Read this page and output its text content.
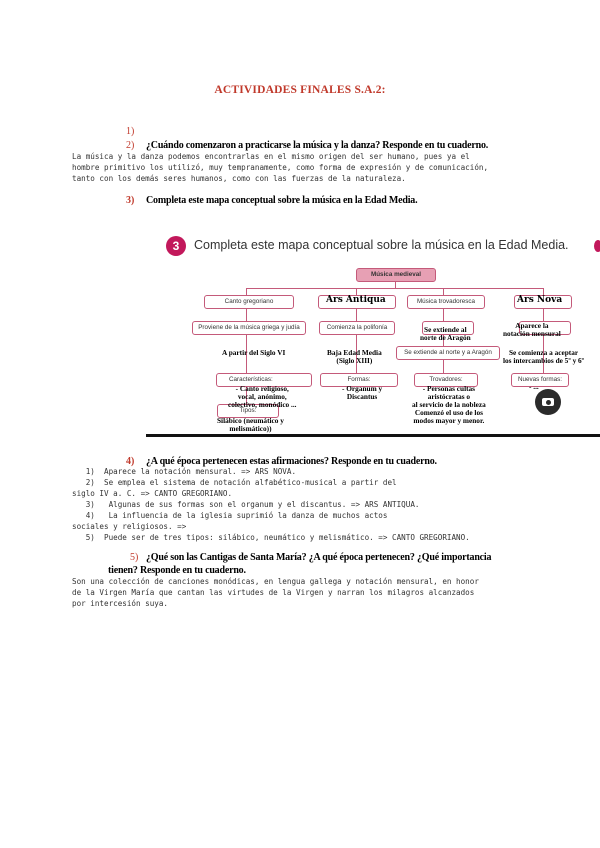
ACTIVIDADES FINALES S.A.2:
1)
2) ¿Cuándo comenzaron a practicarse la música y la danza? Responde en tu cuaderno.
La música y la danza podemos encontrarlas en el mismo origen del ser humano, pues ya el
hombre primitivo los utilizó, muy tempranamente, como forma de expresión y de comunicación,
tanto con los demás seres humanos, como con las fuerzas de la naturaleza.
3) Completa este mapa conceptual sobre la música en la Edad Media.
3	Completa este mapa conceptual sobre la música en la Edad Media.
Música medieval
Canto gregoriano	Música trovadoresca
Proviene de la música griega y judía	Comienza la polifonía
Se extiende al norte y a Aragón
Características:	Formas:	Trovadores:	Nuevas formas:
Tipos:
Ars Antiqua	Ars Nova
Se extiende al
norte de Aragón
Aparece la
notación mensural
A partir del Siglo VI	Baja Edad Media
(Siglo XIII)
Se comienza a aceptar
los intercambios de 5º y 6º
- Canto religioso,
vocal, anónimo,
colectivo, monódico ...
- Organum y
Discantus
- Personas cultas
aristócratas o
al servicio de la nobleza
Comenzó el uso de los
modos mayor y menor.
- ...
Silábico (neumático y
melismático))
4) ¿A qué época pertenecen estas afirmaciones? Responde en tu cuaderno.
1)  Aparece la notación mensural. => ARS NOVA.
2)  Se emplea el sistema de notación alfabético-musical a partir del
siglo IV a. C. => CANTO GREGORIANO.
3)   Algunas de sus formas son el organum y el discantus. => ARS ANTIQUA.
4)   La influencia de la iglesia suprimió la danza de muchos actos
sociales y religiosos. =>
5)  Puede ser de tres tipos: silábico, neumático y melismático. => CANTO GREGORIANO.
5) ¿Qué son las Cantigas de Santa María? ¿A qué época pertenecen? ¿Qué importancia
tienen? Responde en tu cuaderno.
Son una colección de canciones monódicas, en lengua gallega y notación mensural, en honor
de la Virgen María que cantan las virtudes de la Virgen y narran los milagros alcanzados
por intercesión suya.
